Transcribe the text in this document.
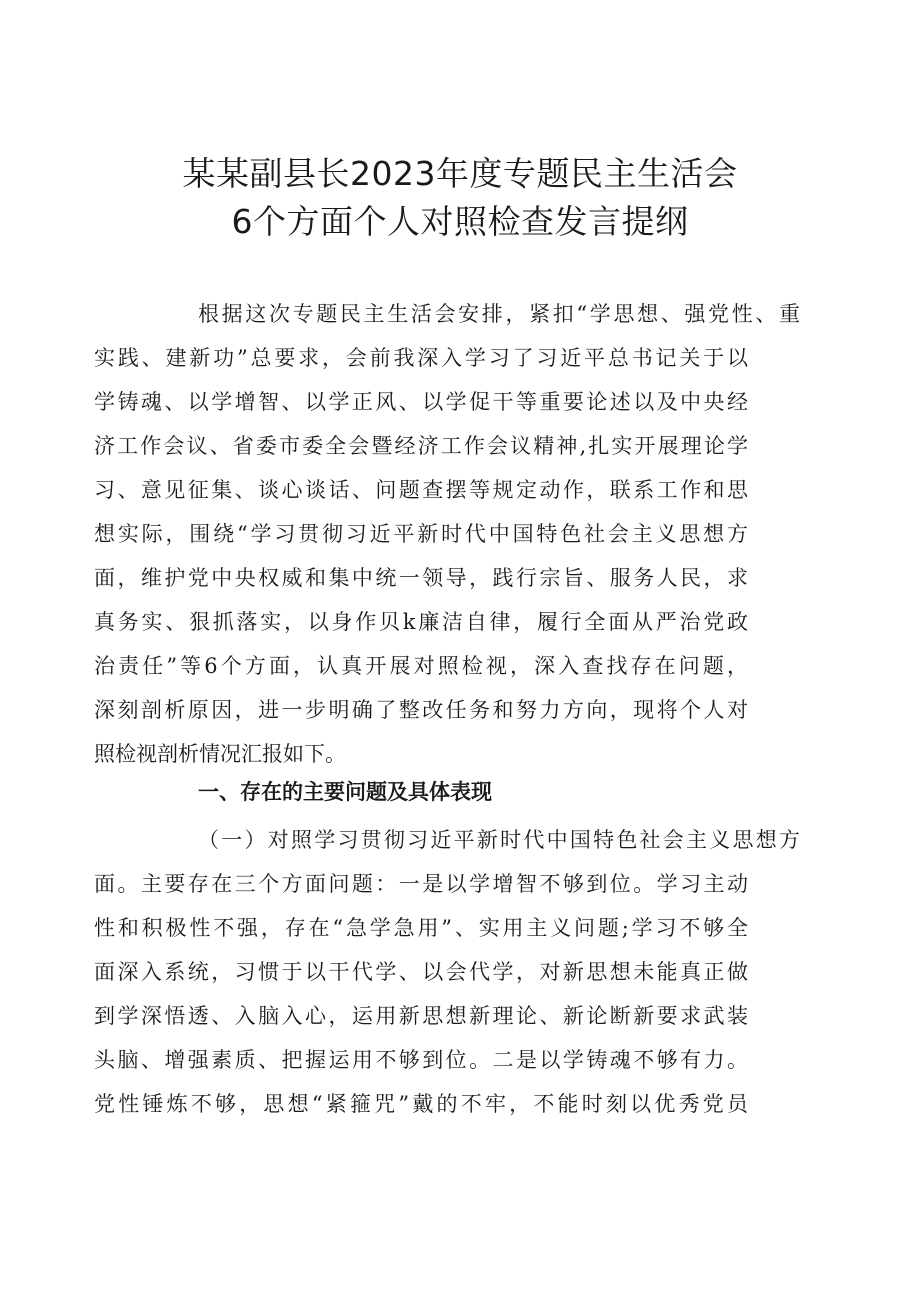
某某副县长2023年度专题民主生活会
6个方面个人对照检查发言提纲
根据这次专题民主生活会安排，紧扣“学思想、强党性、重
实践、建新功”总要求，会前我深入学习了习近平总书记关于以
学铸魂、以学增智、以学正风、以学促干等重要论述以及中央经
济工作会议、省委市委全会暨经济工作会议精神,扎实开展理论学
习、意见征集、谈心谈话、问题查摆等规定动作，联系工作和思
想实际，围绕“学习贯彻习近平新时代中国特色社会主义思想方
面，维护党中央权威和集中统一领导，践行宗旨、服务人民，求
真务实、狠抓落实，以身作贝k廉洁自律，履行全面从严治党政
治责任”等6个方面，认真开展对照检视，深入查找存在问题，
深刻剖析原因，进一步明确了整改任务和努力方向，现将个人对
照检视剖析情况汇报如下。
一、存在的主要问题及具体表现
（一）对照学习贯彻习近平新时代中国特色社会主义思想方
面。主要存在三个方面问题：一是以学增智不够到位。学习主动
性和积极性不强，存在“急学急用”、实用主义问题;学习不够全
面深入系统，习惯于以干代学、以会代学，对新思想未能真正做
到学深悟透、入脑入心，运用新思想新理论、新论断新要求武装
头脑、增强素质、把握运用不够到位。二是以学铸魂不够有力。
党性锤炼不够，思想“紧箍咒”戴的不牢，不能时刻以优秀党员
